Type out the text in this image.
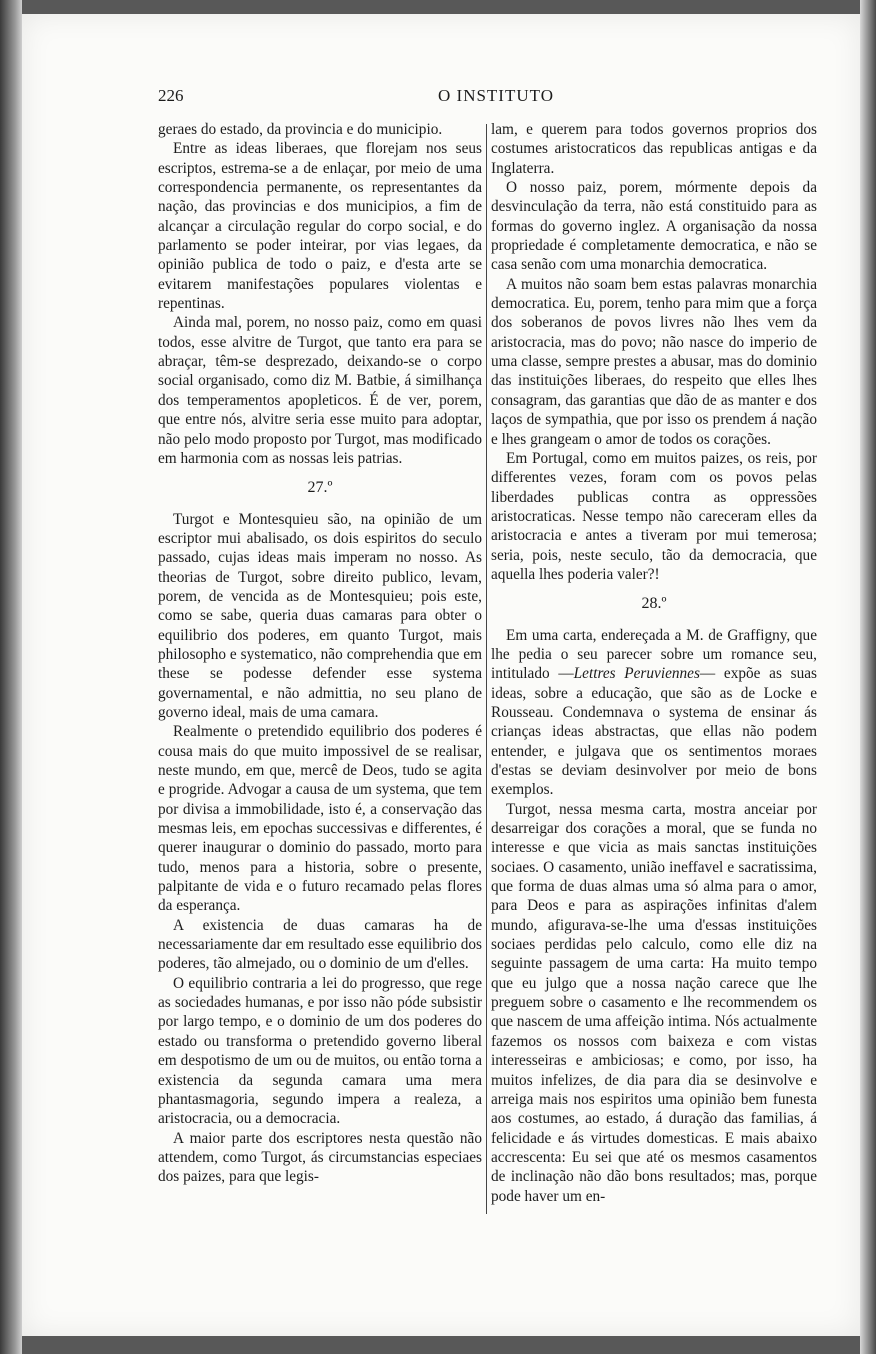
226	O INSTITUTO

geraes do estado, da provincia e do municipio.

Entre as ideas liberaes, que florejam nos seus escriptos, estrema-se a de enlaçar, por meio de uma correspondencia permanente, os representantes da nação, das provincias e dos municipios, a fim de alcançar a circulação regular do corpo social, e do parlamento se poder inteirar, por vias legaes, da opinião publica de todo o paiz, e d'esta arte se evitarem manifestações populares violentas e repentinas.

Ainda mal, porem, no nosso paiz, como em quasi todos, esse alvitre de Turgot, que tanto era para se abraçar, têm-se desprezado, deixando-se o corpo social organisado, como diz M. Batbie, á similhança dos temperamentos apopleticos. É de ver, porem, que entre nós, alvitre seria esse muito para adoptar, não pelo modo proposto por Turgot, mas modificado em harmonia com as nossas leis patrias.

27.º

Turgot e Montesquieu são, na opinião de um escriptor mui abalisado, os dois espiritos do seculo passado, cujas ideas mais imperam no nosso. As theorias de Turgot, sobre direito publico, levam, porem, de vencida as de Montesquieu; pois este, como se sabe, queria duas camaras para obter o equilibrio dos poderes, em quanto Turgot, mais philosopho e systematico, não comprehendia que em these se podesse defender esse systema governamental, e não admittia, no seu plano de governo ideal, mais de uma camara.

Realmente o pretendido equilibrio dos poderes é cousa mais do que muito impossivel de se realisar, neste mundo, em que, mercê de Deos, tudo se agita e progride. Advogar a causa de um systema, que tem por divisa a immobilidade, isto é, a conservação das mesmas leis, em epochas successivas e differentes, é querer inaugurar o dominio do passado, morto para tudo, menos para a historia, sobre o presente, palpitante de vida e o futuro recamado pelas flores da esperança.

A existencia de duas camaras ha de necessariamente dar em resultado esse equilibrio dos poderes, tão almejado, ou o dominio de um d'elles.

O equilibrio contraria a lei do progresso, que rege as sociedades humanas, e por isso não póde subsistir por largo tempo, e o dominio de um dos poderes do estado ou transforma o pretendido governo liberal em despotismo de um ou de muitos, ou então torna a existencia da segunda camara uma mera phantasmagoria, segundo impera a realeza, a aristocracia, ou a democracia.

A maior parte dos escriptores nesta questão não attendem, como Turgot, ás circumstancias especiaes dos paizes, para que legis-

lam, e querem para todos governos proprios dos costumes aristocraticos das republicas antigas e da Inglaterra.

O nosso paiz, porem, mórmente depois da desvinculação da terra, não está constituido para as formas do governo inglez. A organisação da nossa propriedade é completamente democratica, e não se casa senão com uma monarchia democratica.

A muitos não soam bem estas palavras monarchia democratica. Eu, porem, tenho para mim que a força dos soberanos de povos livres não lhes vem da aristocracia, mas do povo; não nasce do imperio de uma classe, sempre prestes a abusar, mas do dominio das instituições liberaes, do respeito que elles lhes consagram, das garantias que dão de as manter e dos laços de sympathia, que por isso os prendem á nação e lhes grangeam o amor de todos os corações.

Em Portugal, como em muitos paizes, os reis, por differentes vezes, foram com os povos pelas liberdades publicas contra as oppressões aristocraticas. Nesse tempo não careceram elles da aristocracia e antes a tiveram por mui temerosa; seria, pois, neste seculo, tão da democracia, que aquella lhes poderia valer?!

28.º

Em uma carta, endereçada a M. de Graffigny, que lhe pedia o seu parecer sobre um romance seu, intitulado —Lettres Peruviennes— expõe as suas ideas, sobre a educação, que são as de Locke e Rousseau. Condemnava o systema de ensinar ás crianças ideas abstractas, que ellas não podem entender, e julgava que os sentimentos moraes d'estas se deviam desinvolver por meio de bons exemplos.

Turgot, nessa mesma carta, mostra anceiar por desarreigar dos corações a moral, que se funda no interesse e que vicia as mais sanctas instituições sociaes. O casamento, união ineffavel e sacratissima, que forma de duas almas uma só alma para o amor, para Deos e para as aspirações infinitas d'alem mundo, afigurava-se-lhe uma d'essas instituições sociaes perdidas pelo calculo, como elle diz na seguinte passagem de uma carta: Ha muito tempo que eu julgo que a nossa nação carece que lhe preguem sobre o casamento e lhe recommendem os que nascem de uma affeição intima. Nós actualmente fazemos os nossos com baixeza e com vistas interesseiras e ambiciosas; e como, por isso, ha muitos infelizes, de dia para dia se desinvolve e arreiga mais nos espiritos uma opinião bem funesta aos costumes, ao estado, á duração das familias, á felicidade e ás virtudes domesticas. E mais abaixo accrescenta: Eu sei que até os mesmos casamentos de inclinação não dão bons resultados; mas, porque pode haver um en-
